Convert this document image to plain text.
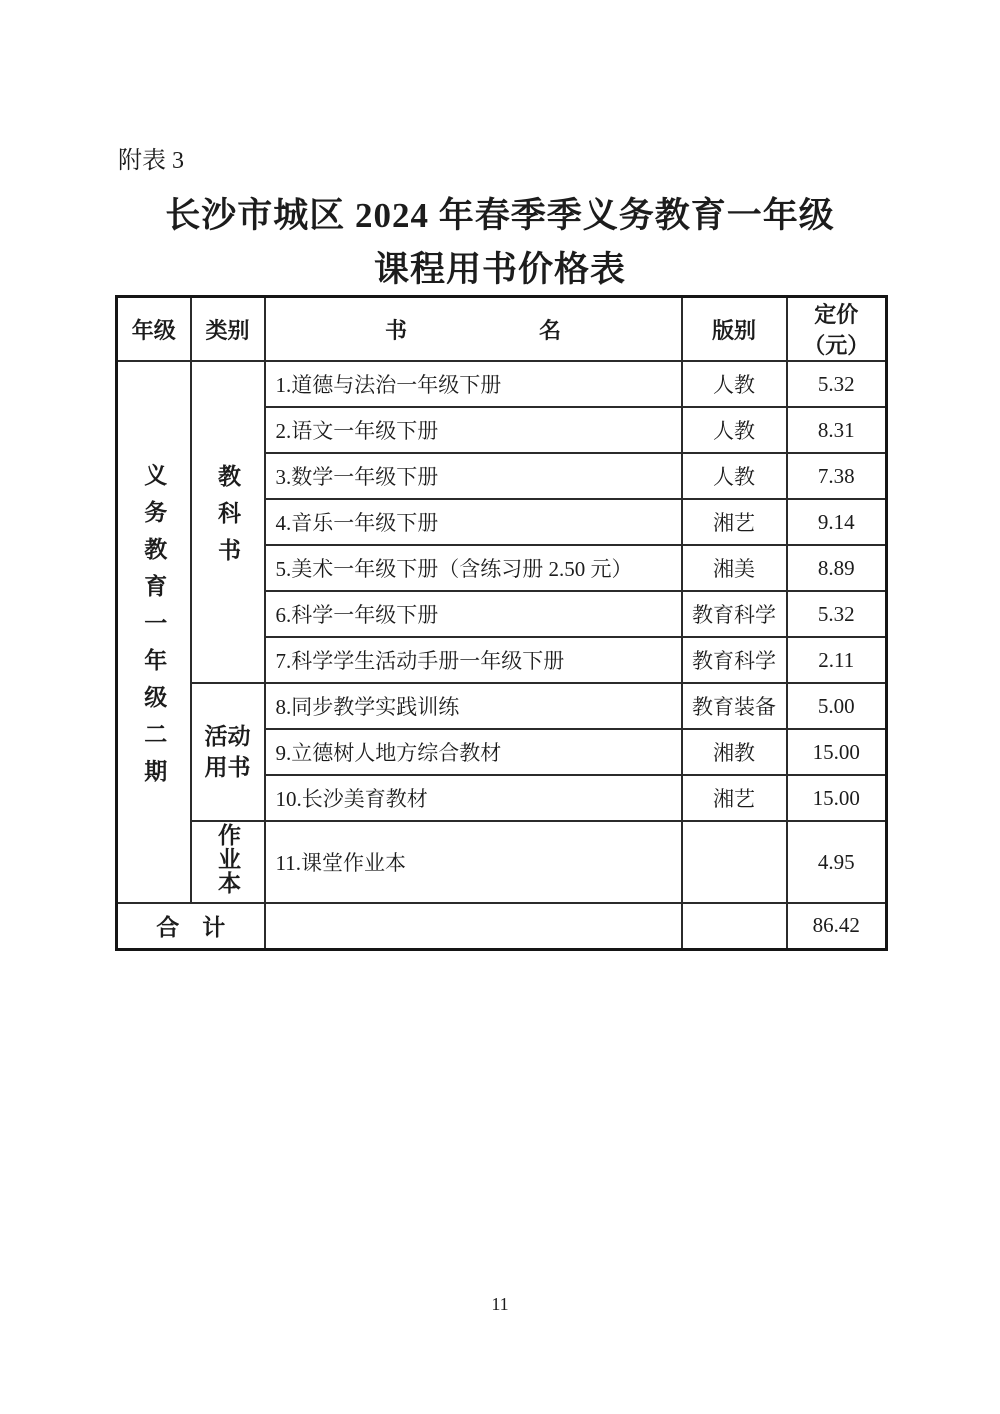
附表 3
长沙市城区 2024 年春季季义务教育一年级
课程用书价格表
年级	类别	书　　　　　　名	版别	定价（元）
义务教育一年级二期	教科书	1.道德与法治一年级下册	人教	5.32
		2.语文一年级下册	人教	8.31
		3.数学一年级下册	人教	7.38
		4.音乐一年级下册	湘艺	9.14
		5.美术一年级下册（含练习册 2.50 元）	湘美	8.89
		6.科学一年级下册	教育科学	5.32
		7.科学学生活动手册一年级下册	教育科学	2.11
	活动用书	8.同步教学实践训练	教育装备	5.00
		9.立德树人地方综合教材	湘教	15.00
		10.长沙美育教材	湘艺	15.00
	作业本	11.课堂作业本		4.95
合　计				86.42
11
